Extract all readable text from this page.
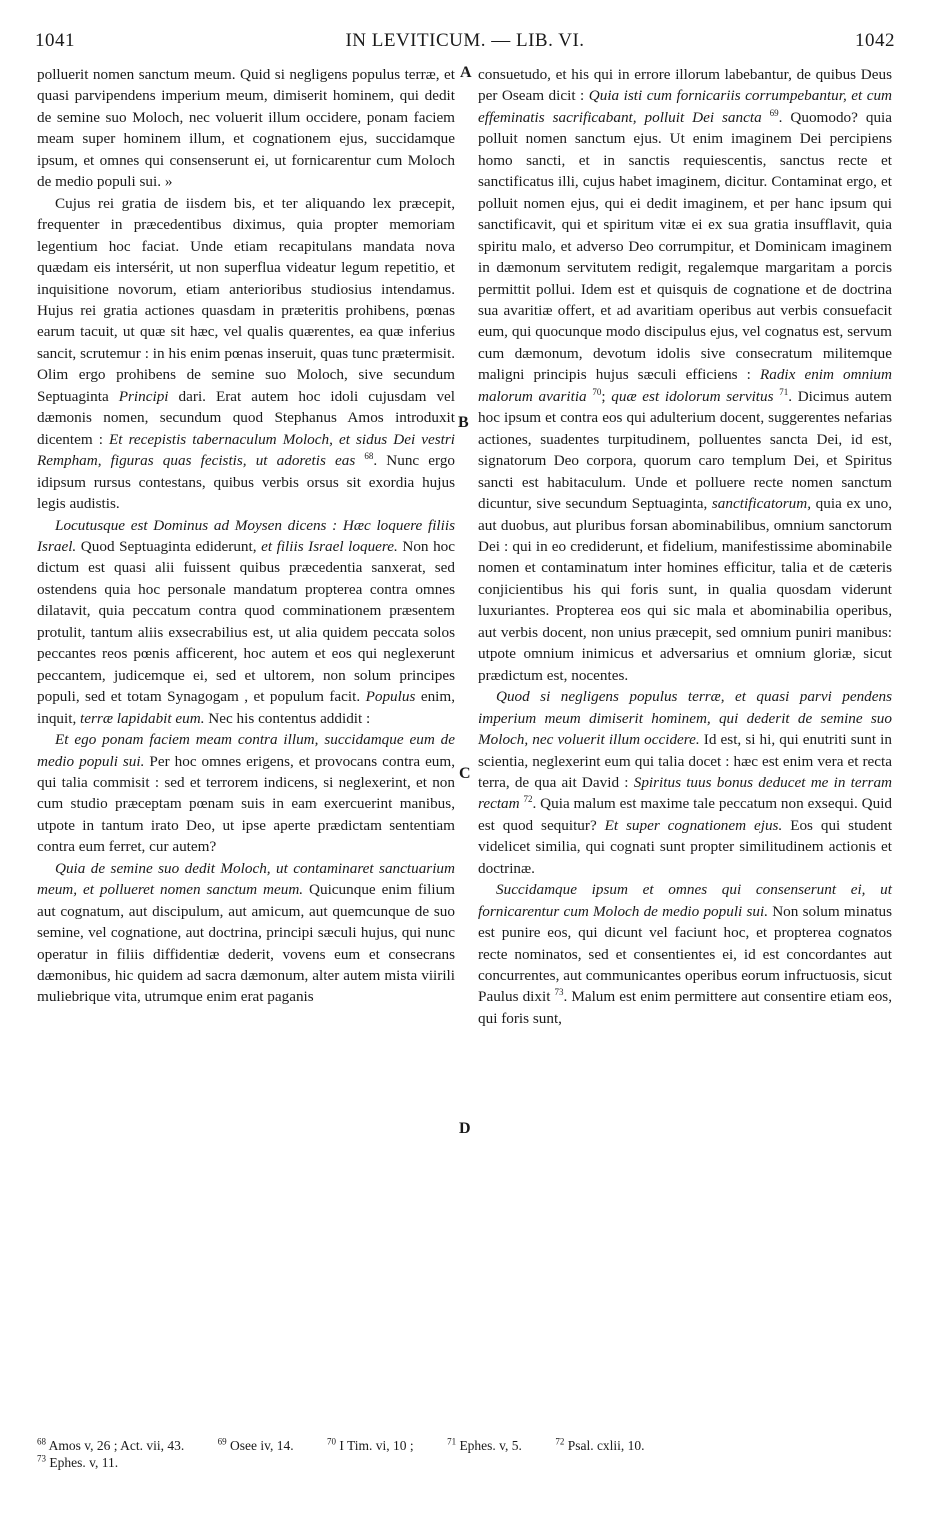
1041	IN LEVITICUM. — LIB. VI.	1042
A
B
C
D

polluerit nomen sanctum meum. Quid si negligens populus terræ, et quasi parvipendens imperium meum, dimiserit hominem, qui dedit de semine suo Moloch, nec voluerit illum occidere, ponam faciem meam super hominem illum, et cognationem ejus, succidamque ipsum, et omnes qui consenserunt ei, ut fornicarentur cum Moloch de medio populi sui. »

Cujus rei gratia de iisdem bis, et ter aliquando lex præcepit, frequenter in præcedentibus diximus, quia propter memoriam legentium hoc faciat. Unde etiam recapitulans mandata nova quædam eis intersérit, ut non superflua videatur legum repetitio, et inquisitione novorum, etiam anterioribus studiosius intendamus. Hujus rei gratia actiones quasdam in præteritis prohibens, pœnas earum tacuit, ut quæ sit hæc, vel qualis quærentes, ea quæ inferius sancit, scrutemur : in his enim pœnas inseruit, quas tunc prætermisit. Olim ergo prohibens de semine suo Moloch, sive secundum Septuaginta Principi dari. Erat autem hoc idoli cujusdam vel dæmonis nomen, secundum quod Stephanus Amos introduxit dicentem : Et recepistis tabernaculum Moloch, et sidus Dei vestri Rempham, figuras quas fecistis, ut adoretis eas $^{68}$. Nunc ergo idipsum rursus contestans, quibus verbis orsus sit exordia hujus legis audistis.

Locutusque est Dominus ad Moysen dicens : Hæc loquere filiis Israel. Quod Septuaginta ediderunt, et filiis Israel loquere. Non hoc dictum est quasi alii fuissent quibus præcedentia sanxerat, sed ostendens quia hoc personale mandatum propterea contra omnes dilatavit, quia peccatum contra quod comminationem præsentem protulit, tantum aliis exsecrabilius est, ut alia quidem peccata solos peccantes reos pœnis afficerent, hoc autem et eos qui neglexerunt peccantem, judicemque ei, sed et ultorem, non solum principes populi, sed et totam Synagogam , et populum facit. Populus enim, inquit, terræ lapidabit eum. Nec his contentus addidit :

Et ego ponam faciem meam contra illum, succidamque eum de medio populi sui. Per hoc omnes erigens, et provocans contra eum, qui talia commisit : sed et terrorem indicens, si neglexerint, et non cum studio præceptam pœnam suis in eam exercuerint manibus, utpote in tantum irato Deo, ut ipse aperte prædictam sententiam contra eum ferret, cur autem?

Quia de semine suo dedit Moloch, ut contaminaret sanctuarium meum, et pollueret nomen sanctum meum. Quicunque enim filium aut cognatum, aut discipulum, aut amicum, aut quemcunque de suo semine, vel cognatione, aut doctrina, principi sæculi hujus, qui nunc operatur in filiis diffidentiæ dederit, vovens eum et consecrans dæmonibus, hic quidem ad sacra dæmonum, alter autem mista viirili muliebrique vita, utrumque enim erat paganis

consuetudo, et his qui in errore illorum labebantur, de quibus Deus per Oseam dicit : Quia isti cum fornicariis corrumpebantur, et cum effeminatis sacrificabant, polluit Dei sancta $^{69}$. Quomodo? quia polluit nomen sanctum ejus. Ut enim imaginem Dei percipiens homo sancti, et in sanctis requiescentis, sanctus recte et sanctificatus illi, cujus habet imaginem, dicitur. Contaminat ergo, et polluit nomen ejus, qui ei dedit imaginem, et per hanc ipsum qui sanctificavit, qui et spiritum vitæ ei ex sua gratia insufflavit, quia spiritu malo, et adverso Deo corrumpitur, et Dominicam imaginem in dæmonum servitutem redigit, regalemque margaritam a porcis permittit pollui. Idem est et quisquis de cognatione et de doctrina sua avaritiæ offert, et ad avaritiam operibus aut verbis consuefacit eum, qui quocunque modo discipulus ejus, vel cognatus est, servum cum dæmonum, devotum idolis sive consecratum militemque maligni principis hujus sæculi efficiens : Radix enim omnium malorum avaritia $^{70}$; quæ est idolorum servitus $^{71}$. Dicimus autem hoc ipsum et contra eos qui adulterium docent, suggerentes nefarias actiones, suadentes turpitudinem, polluentes sancta Dei, id est, signatorum Deo corpora, quorum caro templum Dei, et Spiritus sancti est habitaculum. Unde et polluere recte nomen sanctum dicuntur, sive secundum Septuaginta, sanctificatorum, quia ex uno, aut duobus, aut pluribus forsan abominabilibus, omnium sanctorum Dei : qui in eo crediderunt, et fidelium, manifestissime abominabile nomen et contaminatum inter homines efficitur, talia et de cæteris conjicientibus his qui foris sunt, in qualia quosdam viderunt luxuriantes. Propterea eos qui sic mala et abominabilia operibus, aut verbis docent, non unius præcepit, sed omnium puniri manibus: utpote omnium inimicus et adversarius et omnium gloriæ, sicut prædictum est, nocentes.

Quod si negligens populus terræ, et quasi parvi pendens imperium meum dimiserit hominem, qui dederit de semine suo Moloch, nec voluerit illum occidere. Id est, si hi, qui enutriti sunt in scientia, neglexerint eum qui talia docet : hæc est enim vera et recta terra, de qua ait David : Spiritus tuus bonus deducet me in terram rectam $^{72}$. Quia malum est maxime tale peccatum non exsequi. Quid est quod sequitur? Et super cognationem ejus. Eos qui student videlicet similia, qui cognati sunt propter similitudinem actionis et doctrinæ.

Succidamque ipsum et omnes qui consenserunt ei, ut fornicarentur cum Moloch de medio populi sui. Non solum minatus est punire eos, qui dicunt vel faciunt hoc, et propterea cognatos recte nominatos, sed et consentientes ei, id est concordantes aut concurrentes, aut communicantes operibus eorum infructuosis, sicut Paulus dixit $^{73}$. Malum est enim permittere aut consentire etiam eos, qui foris sunt,

$^{68}$ Amos v, 26 ; Act. vii, 43.	$^{69}$ Osee iv, 14.	$^{70}$ I Tim. vi, 10 ;	$^{71}$ Ephes. v, 5.	$^{72}$ Psal. cxlii, 10.
$^{73}$ Ephes. v, 11.
